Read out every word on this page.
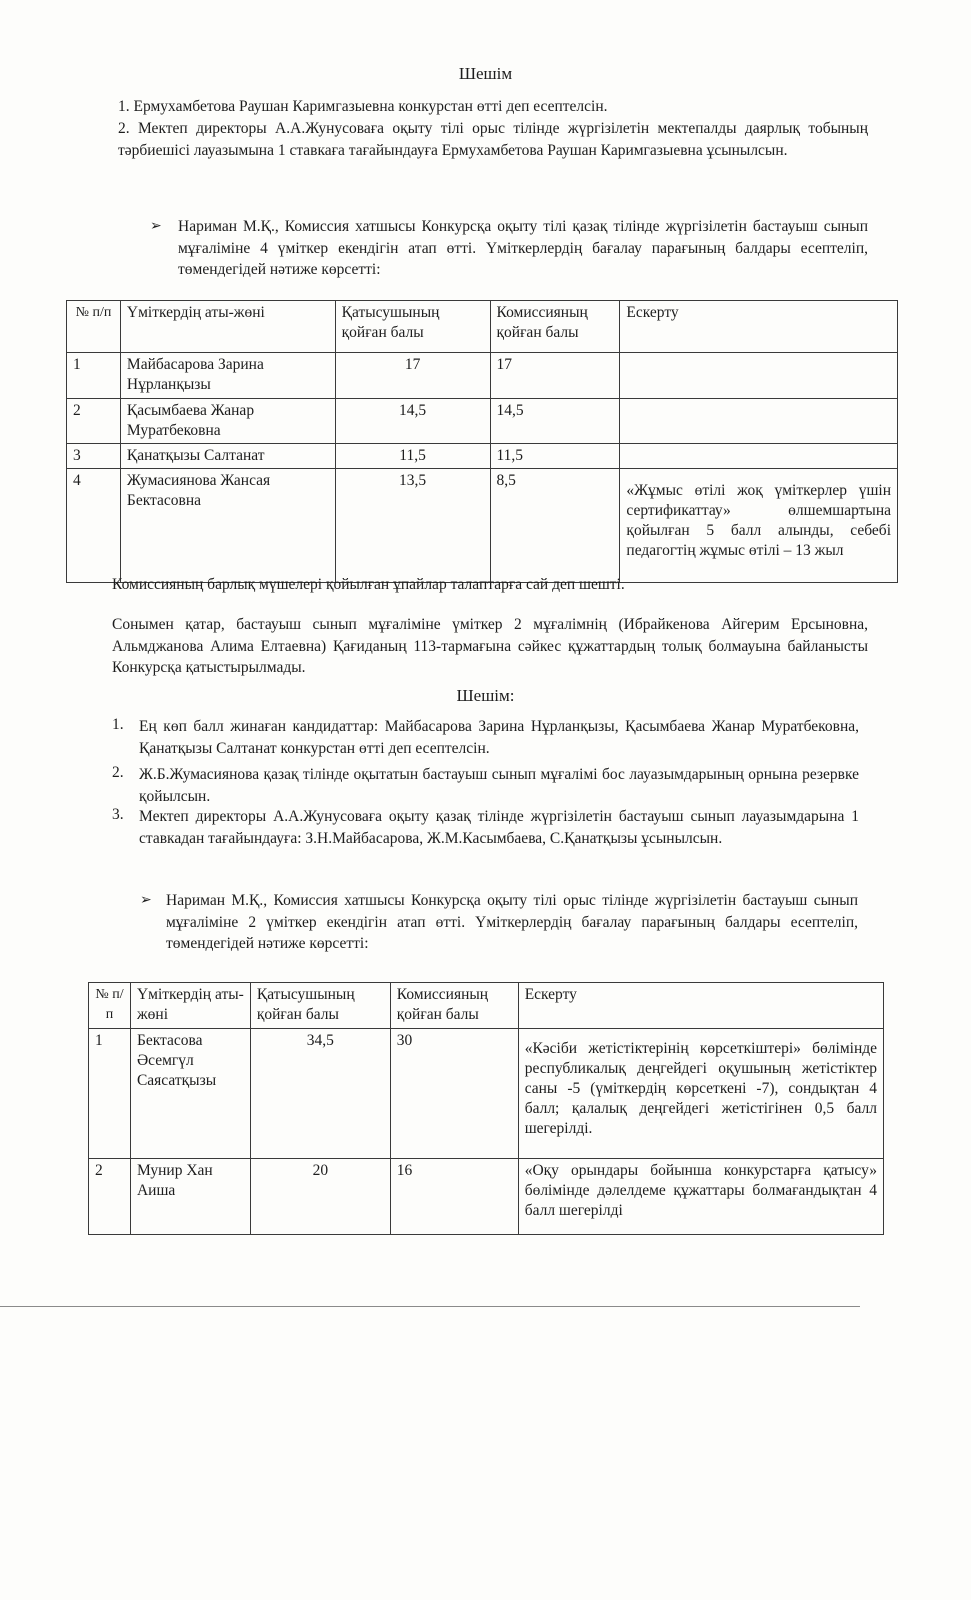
Шешім
1. Ермухамбетова Раушан Каримгазыевна конкурстан өтті деп есептелсін.
2. Мектеп директоры А.А.Жунусоваға оқыту тілі орыс тілінде жүргізілетін мектепалды даярлық тобының тәрбиешісі лауазымына 1 ставкаға тағайындауға Ермухамбетова Раушан Каримгазыевна ұсынылсын.
➢ Нариман М.Қ., Комиссия хатшысы Конкурсқа оқыту тілі қазақ тілінде жүргізілетін бастауыш сынып мұғаліміне 4 үміткер екендігін атап өтті. Үміткерлердің бағалау парағының балдары есептеліп, төмендегідей нәтиже көрсетті:
№ п/п	Үміткердің аты-жөні	Қатысушының қойған балы	Комиссияның қойған балы	Ескерту
1	Майбасарова Зарина Нұрланқызы	17	17	
2	Қасымбаева Жанар Муратбековна	14,5	14,5	
3	Қанатқызы Салтанат	11,5	11,5	
4	Жумасиянова Жансая Бектасовна	13,5	8,5	«Жұмыс өтілі жоқ үміткерлер үшін сертификаттау» өлшемшартына қойылған 5 балл алынды, себебі педагогтің жұмыс өтілі – 13 жыл
Комиссияның барлық мүшелері қойылған ұпайлар талаптарға сай деп шешті.
Сонымен қатар, бастауыш сынып мұғаліміне үміткер 2 мұғалімнің (Ибрайкенова Айгерим Ерсыновна, Альмджанова Алима Елтаевна) Қағиданың 113-тармағына сәйкес құжаттардың толық болмауына байланысты Конкурсқа қатыстырылмады.
Шешім:
1. Ең көп балл жинаған кандидаттар: Майбасарова Зарина Нұрланқызы, Қасымбаева Жанар Муратбековна, Қанатқызы Салтанат конкурстан өтті деп есептелсін.
2. Ж.Б.Жумасиянова қазақ тілінде оқытатын бастауыш сынып мұғалімі бос лауазымдарының орнына резервке қойылсын.
3. Мектеп директоры А.А.Жунусоваға оқыту қазақ тілінде жүргізілетін бастауыш сынып лауазымдарына 1 ставкадан тағайындауға: З.Н.Майбасарова, Ж.М.Касымбаева, С.Қанатқызы ұсынылсын.
➢ Нариман М.Қ., Комиссия хатшысы Конкурсқа оқыту тілі орыс тілінде жүргізілетін бастауыш сынып мұғаліміне 2 үміткер екендігін атап өтті. Үміткерлердің бағалау парағының балдары есептеліп, төмендегідей нәтиже көрсетті:
№ п/п	Үміткердің аты-жөні	Қатысушының қойған балы	Комиссияның қойған балы	Ескерту
1	Бектасова Әсемгүл Саясатқызы	34,5	30	«Кәсіби жетістіктерінің көрсеткіштері» бөлімінде республикалық деңгейдегі оқушының жетістіктер саны -5 (үміткердің көрсеткені -7), сондықтан 4 балл; қалалық деңгейдегі жетістігінен 0,5 балл шегерілді.
2	Мунир Хан Аиша	20	16	«Оқу орындары бойынша конкурстарға қатысу» бөлімінде дәлелдеме құжаттары болмағандықтан 4 балл шегерілді
